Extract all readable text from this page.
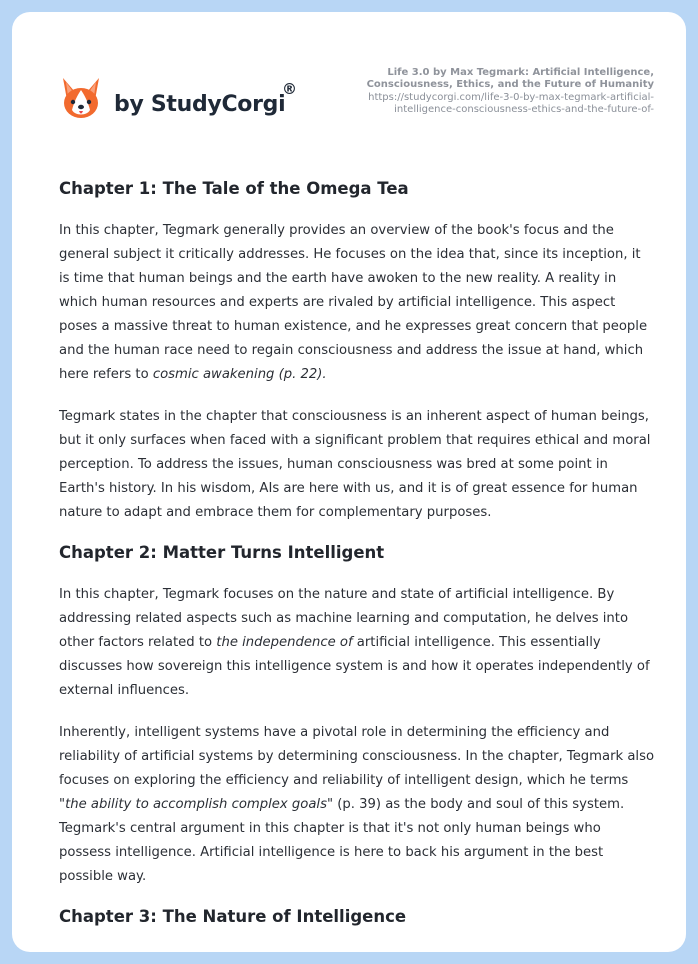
by StudyCorgi
®
Life 3.0 by Max Tegmark: Artificial Intelligence,
Consciousness, Ethics, and the Future of Humanity
https://studycorgi.com/life-3-0-by-max-tegmark-artificial-
intelligence-consciousness-ethics-and-the-future-of-
Chapter 1: The Tale of the Omega Tea

In this chapter, Tegmark generally provides an overview of the book's focus and the general subject it critically addresses. He focuses on the idea that, since its inception, it is time that human beings and the earth have awoken to the new reality. A reality in which human resources and experts are rivaled by artificial intelligence. This aspect poses a massive threat to human existence, and he expresses great concern that people and the human race need to regain consciousness and address the issue at hand, which here refers to cosmic awakening (p. 22).

Tegmark states in the chapter that consciousness is an inherent aspect of human beings, but it only surfaces when faced with a significant problem that requires ethical and moral perception. To address the issues, human consciousness was bred at some point in Earth's history. In his wisdom, AIs are here with us, and it is of great essence for human nature to adapt and embrace them for complementary purposes.

Chapter 2: Matter Turns Intelligent

In this chapter, Tegmark focuses on the nature and state of artificial intelligence. By addressing related aspects such as machine learning and computation, he delves into other factors related to the independence of artificial intelligence. This essentially discusses how sovereign this intelligence system is and how it operates independently of external influences.

Inherently, intelligent systems have a pivotal role in determining the efficiency and reliability of artificial systems by determining consciousness. In the chapter, Tegmark also focuses on exploring the efficiency and reliability of intelligent design, which he terms "the ability to accomplish complex goals" (p. 39) as the body and soul of this system. Tegmark's central argument in this chapter is that it's not only human beings who possess intelligence. Artificial intelligence is here to back his argument in the best possible way.

Chapter 3: The Nature of Intelligence
